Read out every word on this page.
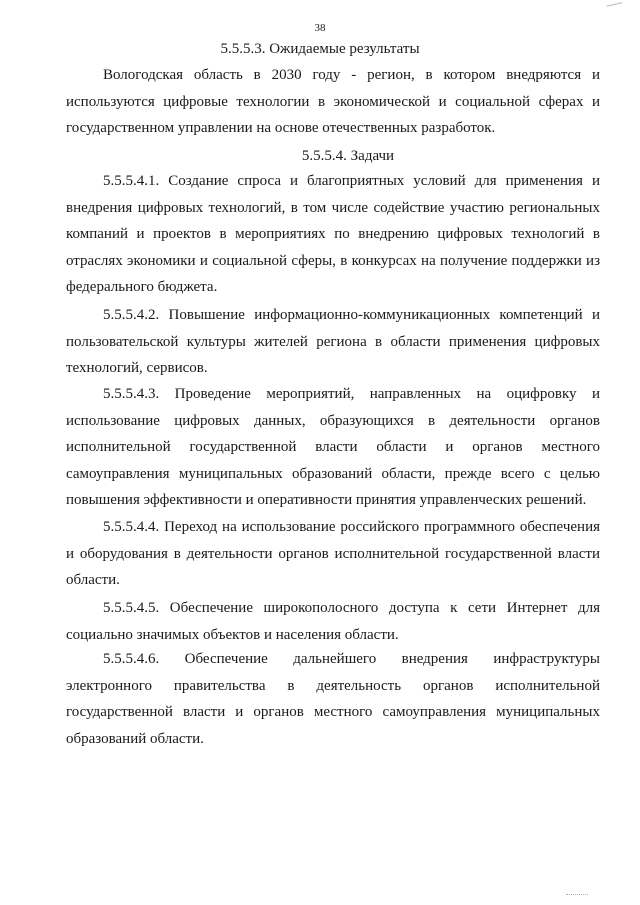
38
5.5.5.3. Ожидаемые результаты

Вологодская область в 2030 году - регион, в котором внедряются и используются цифровые технологии в экономической и социальной сферах и государственном управлении на основе отечественных разработок.

5.5.5.4. Задачи

5.5.5.4.1. Создание спроса и благоприятных условий для применения и внедрения цифровых технологий, в том числе содействие участию региональных компаний и проектов в мероприятиях по внедрению цифровых технологий в отраслях экономики и социальной сферы, в конкурсах на получение поддержки из федерального бюджета.

5.5.5.4.2. Повышение информационно-коммуникационных компетенций и пользовательской культуры жителей региона в области применения цифровых технологий, сервисов.

5.5.5.4.3. Проведение мероприятий, направленных на оцифровку и использование цифровых данных, образующихся в деятельности органов исполнительной государственной власти области и органов местного самоуправления муниципальных образований области, прежде всего с целью повышения эффективности и оперативности принятия управленческих решений.

5.5.5.4.4. Переход на использование российского программного обеспечения и оборудования в деятельности органов исполнительной государственной власти области.

5.5.5.4.5. Обеспечение широкополосного доступа к сети Интернет для социально значимых объектов и населения области.

5.5.5.4.6. Обеспечение дальнейшего внедрения инфраструктуры электронного правительства в деятельность органов исполнительной государственной власти и органов местного самоуправления муниципальных образований области.
